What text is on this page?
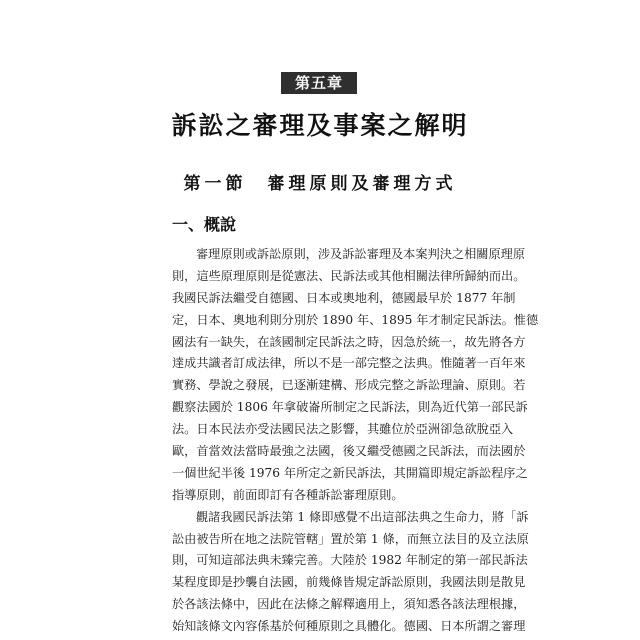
第五章
訴訟之審理及事案之解明
第一節　審理原則及審理方式
一、概說
審理原則或訴訟原則，涉及訴訟審理及本案判決之相關原理原
則，這些原理原則是從憲法、民訴法或其他相關法律所歸納而出。
我國民訴法繼受自德國、日本或奧地利，德國最早於 1877 年制
定，日本、奧地利則分別於 1890 年、1895 年才制定民訴法。惟德
國法有一缺失，在該國制定民訴法之時，因急於統一，故先將各方
達成共識者訂成法律，所以不是一部完整之法典。惟隨著一百年來
實務、學說之發展，已逐漸建構、形成完整之訴訟理論、原則。若
觀察法國於 1806 年拿破崙所制定之民訴法，則為近代第一部民訴
法。日本民法亦受法國民法之影響，其雖位於亞洲卻急欲脫亞入
歐，首當效法當時最強之法國，後又繼受德國之民訴法，而法國於
一個世紀半後 1976 年所定之新民訴法，其開篇即規定訴訟程序之
指導原則，前面即訂有各種訴訟審理原則。
觀諸我國民訴法第 1 條即感覺不出這部法典之生命力，將「訴
訟由被告所在地之法院管轄」置於第 1 條，而無立法目的及立法原
則，可知這部法典未臻完善。大陸於 1982 年制定的第一部民訴法
某程度即是抄襲自法國，前幾條皆規定訴訟原則，我國法則是散見
於各該法條中，因此在法條之解釋適用上，須知悉各該法理根據，
始知該條文內容係基於何種原則之具體化。德國、日本所謂之審理
